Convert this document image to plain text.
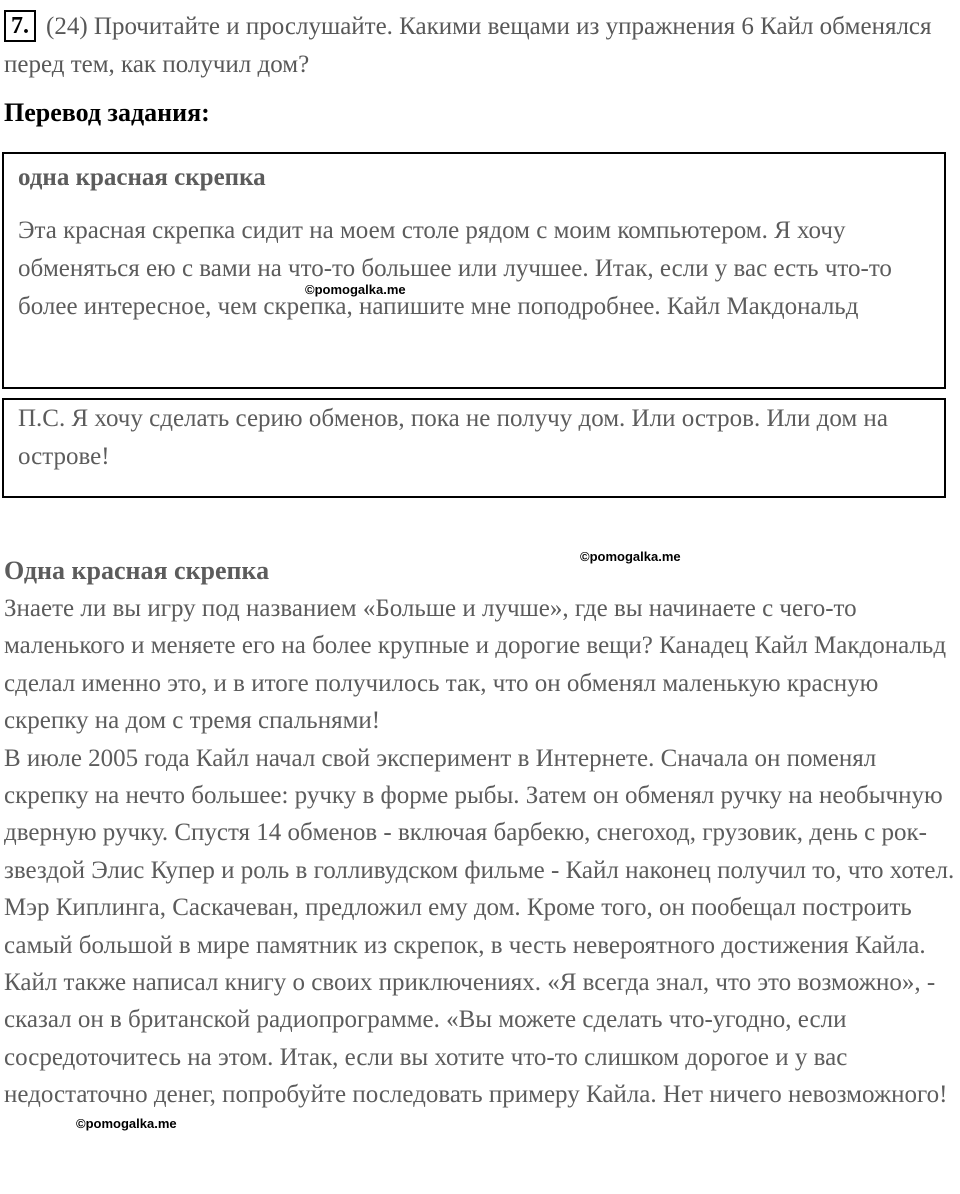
7. (24) Прочитайте и прослушайте. Какими вещами из упражнения 6 Кайл обменялся перед тем, как получил дом?
Перевод задания:
одна красная скрепка
Эта красная скрепка сидит на моем столе рядом с моим компьютером. Я хочу обменяться ею с вами на что-то большее или лучшее. Итак, если у вас есть что-то более интересное, чем скрепка, напишите мне поподробнее. Кайл Макдональд
П.С. Я хочу сделать серию обменов, пока не получу дом. Или остров. Или дом на острове!
©pomogalka.me
©pomogalka.me
Одна красная скрепка

Знаете ли вы игру под названием «Больше и лучше», где вы начинаете с чего-то маленького и меняете его на более крупные и дорогие вещи? Канадец Кайл Макдональд сделал именно это, и в итоге получилось так, что он обменял маленькую красную скрепку на дом с тремя спальнями!

В июле 2005 года Кайл начал свой эксперимент в Интернете. Сначала он поменял скрепку на нечто большее: ручку в форме рыбы. Затем он обменял ручку на необычную дверную ручку. Спустя 14 обменов - включая барбекю, снегоход, грузовик, день с рок-звездой Элис Купер и роль в голливудском фильме - Кайл наконец получил то, что хотел. Мэр Киплинга, Саскачеван, предложил ему дом. Кроме того, он пообещал построить самый большой в мире памятник из скрепок, в честь невероятного достижения Кайла.

Кайл также написал книгу о своих приключениях. «Я всегда знал, что это возможно», - сказал он в британской радиопрограмме. «Вы можете сделать что-угодно, если сосредоточитесь на этом. Итак, если вы хотите что-то слишком дорогое и у вас недостаточно денег, попробуйте последовать примеру Кайла. Нет ничего невозможного!

©pomogalka.me
